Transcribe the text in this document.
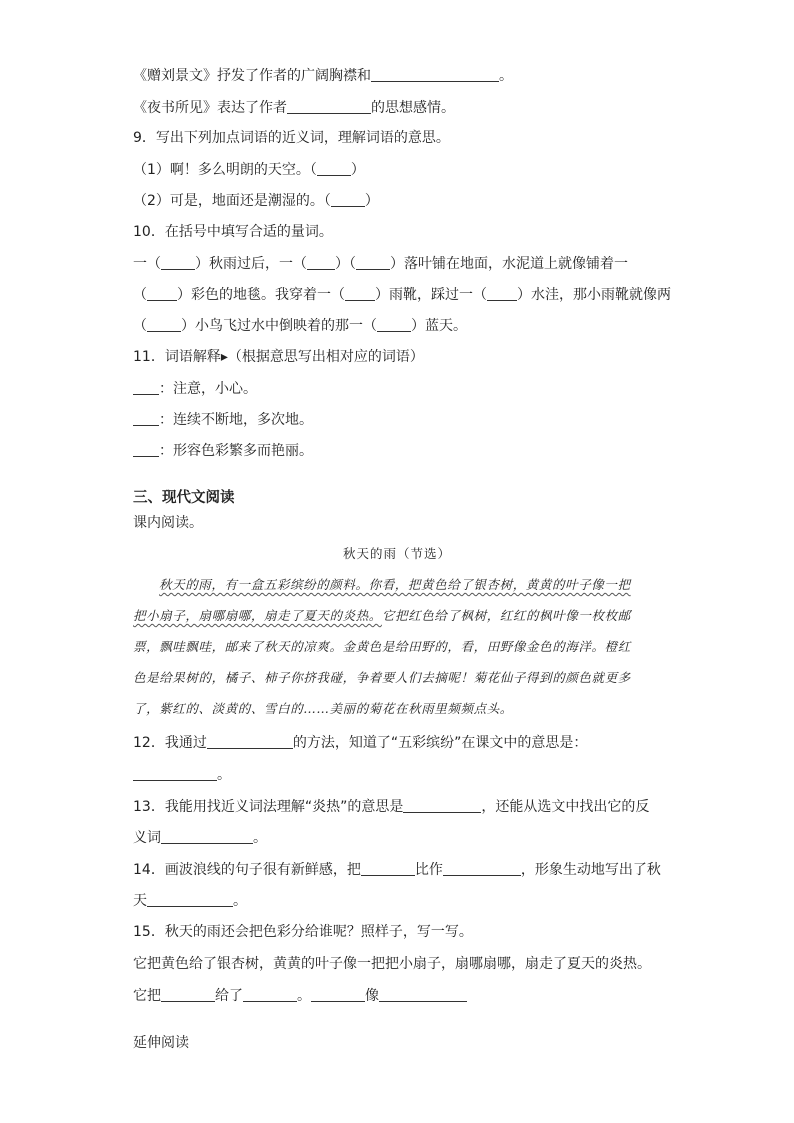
《赠刘景文》抒发了作者的广阔胸襟和	。
《夜书所见》表达了作者	的思想感情。
9．写出下列加点词语的近义词，理解词语的意思。
（1）啊！多么明朗的天空。（ ）
（2）可是，地面还是潮湿的。（ ）
10．在括号中填写合适的量词。
一（ ）秋雨过后，一（ ）（ ）落叶铺在地面，水泥道上就像铺着一
（ ）彩色的地毯。我穿着一（ ）雨靴，踩过一（ ）水洼，那小雨靴就像两
（ ）小鸟飞过水中倒映着的那一（ ）蓝天。
11．词语解释▸（根据意思写出相对应的词语）
：注意，小心。
：连续不断地，多次地。
：形容色彩繁多而艳丽。
三、现代文阅读
课内阅读。
秋天的雨（节选）
秋天的雨，有一盒五彩缤纷的颜料。你看，把黄色给了银杏树，黄黄的叶子像一把
把小扇子，扇哪扇哪，扇走了夏天的炎热。它把红色给了枫树，红红的枫叶像一枚枚邮
票，飘哇飘哇，邮来了秋天的凉爽。金黄色是给田野的，看，田野像金色的海洋。橙红
色是给果树的，橘子、柿子你挤我碰，争着要人们去摘呢！菊花仙子得到的颜色就更多
了，紫红的、淡黄的、雪白的……美丽的菊花在秋雨里频频点头。
12．我通过	的方法，知道了“五彩缤纷”在课文中的意思是：
。
13．我能用找近义词法理解“炎热”的意思是	，还能从选文中找出它的反
义词	。
14．画波浪线的句子很有新鲜感，把	比作	，形象生动地写出了秋
天	。
15．秋天的雨还会把色彩分给谁呢？照样子，写一写。
它把黄色给了银杏树，黄黄的叶子像一把把小扇子，扇哪扇哪，扇走了夏天的炎热。
它把	给了	。	像
延伸阅读
